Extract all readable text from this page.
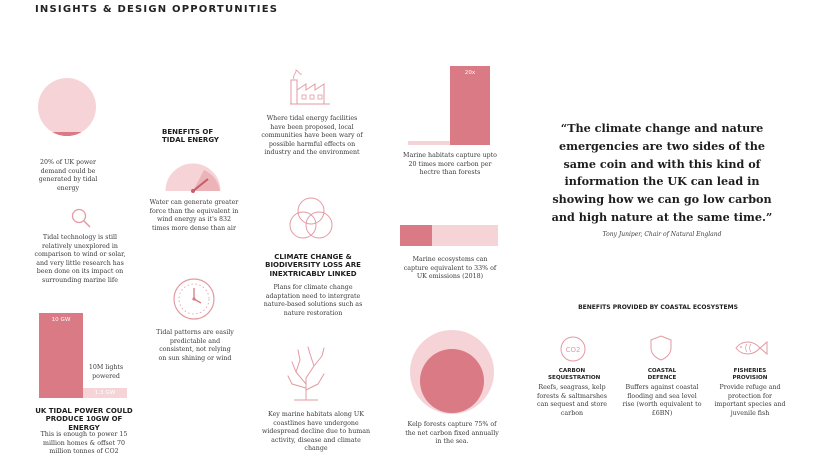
INSIGHTS & DESIGN OPPORTUNITIES
20% of UK power demand could be generated by tidal energy
Tidal technology is still relatively unexplored in comparison to wind or solar, and very little research has been done on its impact on surrounding marine life
10 GW
1.3 GW
10M lights powered
UK TIDAL POWER COULD PRODUCE 10GW OF ENERGY
This is enough to power 15 million homes & offset 70 million tonnes of CO2
BENEFITS OF TIDAL ENERGY
Water can generate greater force than the equivalent in wind energy as it's 832 times more dense than air
Tidal patterns are easily predictable and consistent, not relying on sun shining or wind
Where tidal energy facilities have been proposed, local communities have been wary of possible harmful effects on industry and the environment
CLIMATE CHANGE & BIODIVERSITY LOSS ARE INEXTRICABLY LINKED
Plans for climate change adaptation need to intergrate nature-based solutions such as nature restoration
Key marine habitats along UK coastlines have undergone widespread decline due to human activity, disease and climate change
20x
Marine habitats capture upto 20 times more carbon per hectre than forests
Marine ecosystems can capture equivalent to 33% of UK emissions (2018)
Kelp forests capture 75% of the net carbon fixed annually in the sea.
“The climate change and nature emergencies are two sides of the same coin and with this kind of information the UK can lead in showing how we can go low carbon and high nature at the same time.”
Tony Juniper, Chair of Natural England
BENEFITS PROVIDED BY COASTAL ECOSYSTEMS
CO2
CARBON SEQUESTRATION
Reefs, seagrass, kelp forests & saltmarshes can sequest and store carbon
COASTAL DEFENCE
Buffers against coastal flooding and sea level rise (worth equivalent to £6BN)
FISHERIES PROVISION
Provide refuge and protection for important species and juvenile fish
